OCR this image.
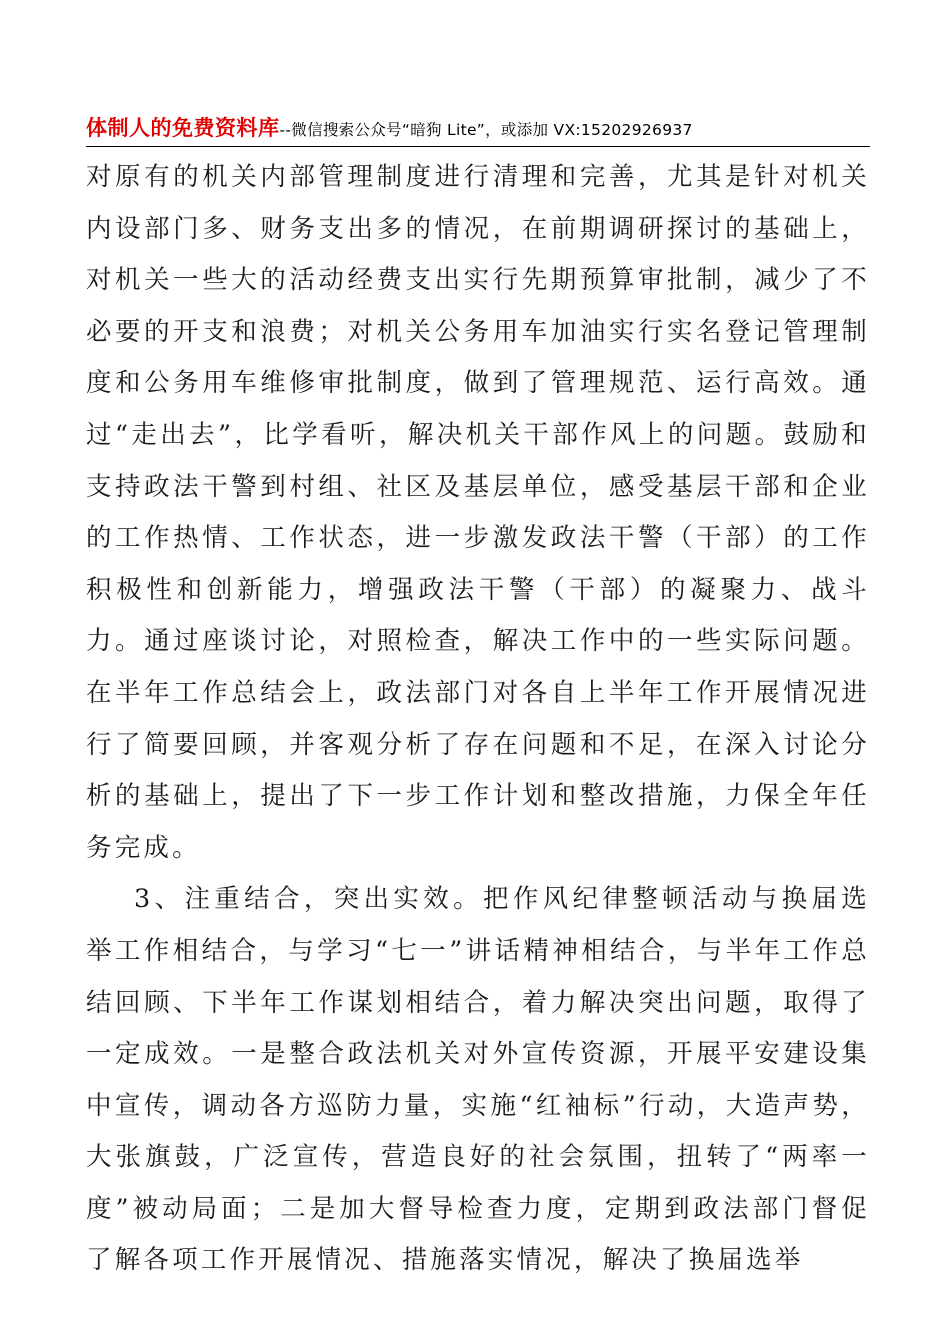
体制人的免费资料库--微信搜索公众号“暗狗 Lite”，或添加 VX:15202926937

对原有的机关内部管理制度进行清理和完善，尤其是针对机关内设部门多、财务支出多的情况，在前期调研探讨的基础上，对机关一些大的活动经费支出实行先期预算审批制，减少了不必要的开支和浪费；对机关公务用车加油实行实名登记管理制度和公务用车维修审批制度，做到了管理规范、运行高效。通过“走出去”，比学看听，解决机关干部作风上的问题。鼓励和支持政法干警到村组、社区及基层单位，感受基层干部和企业的工作热情、工作状态，进一步激发政法干警（干部）的工作积极性和创新能力，增强政法干警（干部）的凝聚力、战斗力。通过座谈讨论，对照检查，解决工作中的一些实际问题。在半年工作总结会上，政法部门对各自上半年工作开展情况进行了简要回顾，并客观分析了存在问题和不足，在深入讨论分析的基础上，提出了下一步工作计划和整改措施，力保全年任务完成。

3、注重结合，突出实效。把作风纪律整顿活动与换届选举工作相结合，与学习“七一”讲话精神相结合，与半年工作总结回顾、下半年工作谋划相结合，着力解决突出问题，取得了一定成效。一是整合政法机关对外宣传资源，开展平安建设集中宣传，调动各方巡防力量，实施“红袖标”行动，大造声势，大张旗鼓，广泛宣传，营造良好的社会氛围，扭转了“两率一度”被动局面；二是加大督导检查力度，定期到政法部门督促了解各项工作开展情况、措施落实情况，解决了换届选举
